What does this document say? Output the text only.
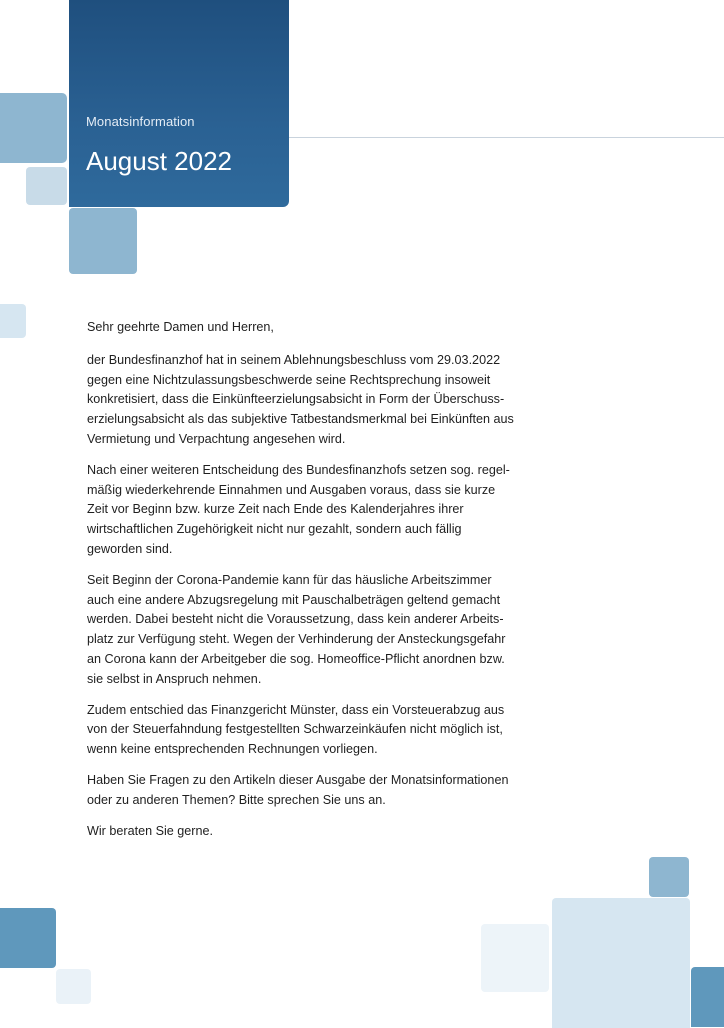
Monatsinformation
August 2022

Sehr geehrte Damen und Herren,

der Bundesfinanzhof hat in seinem Ablehnungsbeschluss vom 29.03.2022 gegen eine Nichtzulassungsbeschwerde seine Rechtsprechung insoweit konkretisiert, dass die Einkünfteerzielungsabsicht in Form der Überschusserzielungsabsicht als das subjektive Tatbestandsmerkmal bei Einkünften aus Vermietung und Verpachtung angesehen wird.

Nach einer weiteren Entscheidung des Bundesfinanzhofs setzen sog. regelmäßig wiederkehrende Einnahmen und Ausgaben voraus, dass sie kurze Zeit vor Beginn bzw. kurze Zeit nach Ende des Kalenderjahres ihrer wirtschaftlichen Zugehörigkeit nicht nur gezahlt, sondern auch fällig geworden sind.

Seit Beginn der Corona-Pandemie kann für das häusliche Arbeitszimmer auch eine andere Abzugsregelung mit Pauschalbeträgen geltend gemacht werden. Dabei besteht nicht die Voraussetzung, dass kein anderer Arbeitsplatz zur Verfügung steht. Wegen der Verhinderung der Ansteckungsgefahr an Corona kann der Arbeitgeber die sog. Homeoffice-Pflicht anordnen bzw. sie selbst in Anspruch nehmen.

Zudem entschied das Finanzgericht Münster, dass ein Vorsteuerabzug aus von der Steuerfahndung festgestellten Schwarzeinkäufen nicht möglich ist, wenn keine entsprechenden Rechnungen vorliegen.

Haben Sie Fragen zu den Artikeln dieser Ausgabe der Monatsinformationen oder zu anderen Themen? Bitte sprechen Sie uns an.

Wir beraten Sie gerne.
